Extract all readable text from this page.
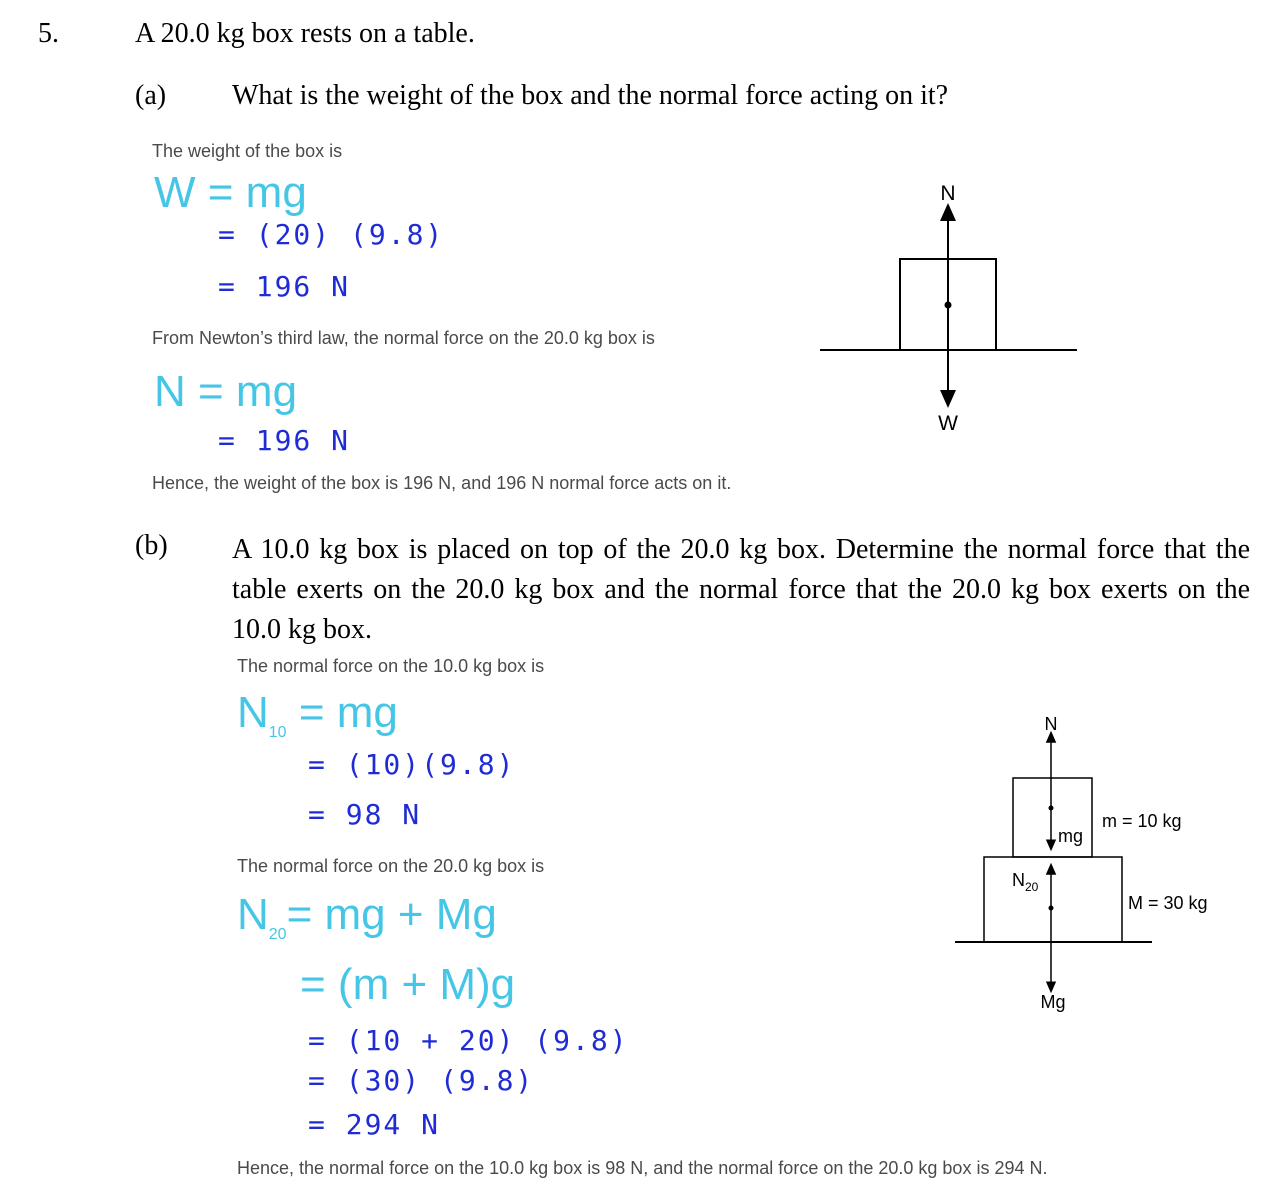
5.	A 20.0 kg box rests on a table.
(a) What is the weight of the box and the normal force acting on it?
The weight of the box is
W = mg
= (20) (9.8)
= 196 N
From Newton’s third law, the normal force on the 20.0 kg box is
N = mg
= 196 N
Hence, the weight of the box is 196 N, and 196 N normal force acts on it.
N
W
(b) A 10.0 kg box is placed on top of the 20.0 kg box. Determine the normal force that the table exerts on the 20.0 kg box and the normal force that the 20.0 kg box exerts on the 10.0 kg box.
The normal force on the 10.0 kg box is
$N_{10}$ = mg
= (10)(9.8)
= 98 N
The normal force on the 20.0 kg box is
$N_{20}=$ mg + Mg
= (m + M)g
= (10 + 20) (9.8)
= (30) (9.8)
= 294 N
Hence, the normal force on the 10.0 kg box is 98 N, and the normal force on the 20.0 kg box is 294 N.
N
mg
$N_{20}$
m = 10 kg
M = 30 kg
Mg
